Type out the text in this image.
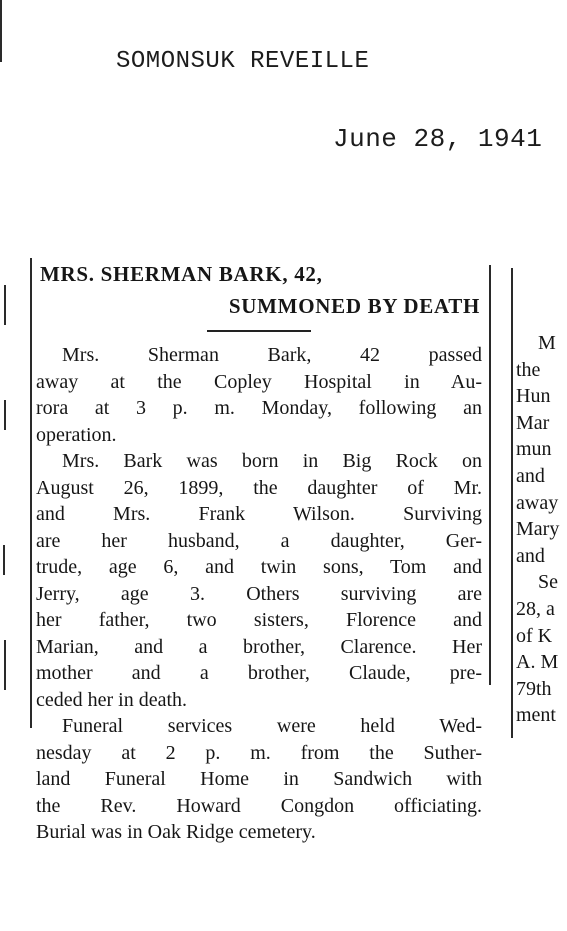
SOMONSUK REVEILLE
June 28, 1941
MRS. SHERMAN BARK, 42,
SUMMONED BY DEATH
Mrs. Sherman Bark, 42 passed
away at the Copley Hospital in Au-
rora at 3 p. m. Monday, following an
operation.
Mrs. Bark was born in Big Rock on
August 26, 1899, the daughter of Mr.
and Mrs. Frank Wilson. Surviving
are her husband, a daughter, Ger-
trude, age 6, and twin sons, Tom and
Jerry, age 3. Others surviving are
her father, two sisters, Florence and
Marian, and a brother, Clarence. Her
mother and a brother, Claude, pre-
ceded her in death.
Funeral services were held Wed-
nesday at 2 p. m. from the Suther-
land Funeral Home in Sandwich with
the Rev. Howard Congdon officiating.
Burial was in Oak Ridge cemetery.
M
the
Hun
Mar
mun
and
away
Mary
and
Se
28, a
of K
A. M
79th
ment
